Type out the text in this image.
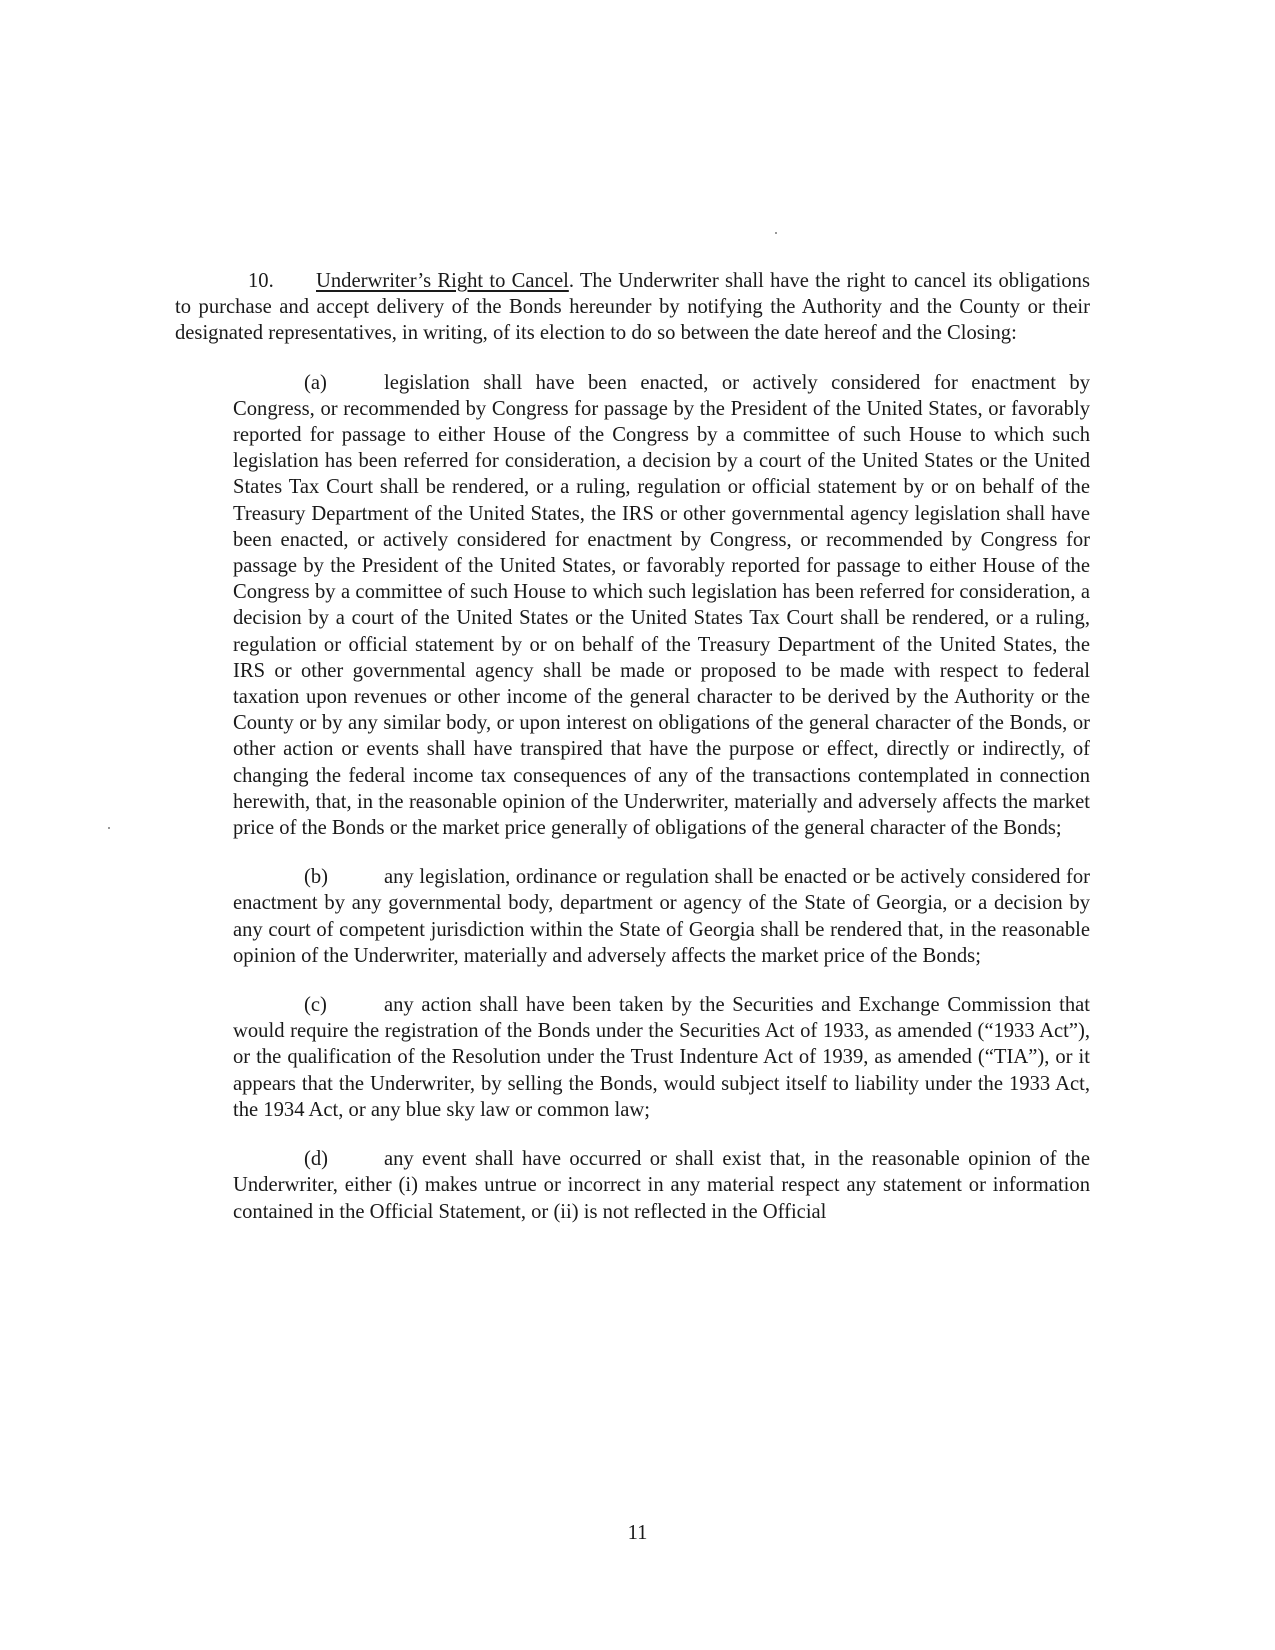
10. Underwriter’s Right to Cancel. The Underwriter shall have the right to cancel its obligations to purchase and accept delivery of the Bonds hereunder by notifying the Authority and the County or their designated representatives, in writing, of its election to do so between the date hereof and the Closing:

(a)	legislation shall have been enacted, or actively considered for enactment by Congress, or recommended by Congress for passage by the President of the United States, or favorably reported for passage to either House of the Congress by a committee of such House to which such legislation has been referred for consideration, a decision by a court of the United States or the United States Tax Court shall be rendered, or a ruling, regulation or official statement by or on behalf of the Treasury Department of the United States, the IRS or other governmental agency legislation shall have been enacted, or actively considered for enactment by Congress, or recommended by Congress for passage by the President of the United States, or favorably reported for passage to either House of the Congress by a committee of such House to which such legislation has been referred for consideration, a decision by a court of the United States or the United States Tax Court shall be rendered, or a ruling, regulation or official statement by or on behalf of the Treasury Department of the United States, the IRS or other governmental agency shall be made or proposed to be made with respect to federal taxation upon revenues or other income of the general character to be derived by the Authority or the County or by any similar body, or upon interest on obligations of the general character of the Bonds, or other action or events shall have transpired that have the purpose or effect, directly or indirectly, of changing the federal income tax consequences of any of the transactions contemplated in connection herewith, that, in the reasonable opinion of the Underwriter, materially and adversely affects the market price of the Bonds or the market price generally of obligations of the general character of the Bonds;

(b)	any legislation, ordinance or regulation shall be enacted or be actively considered for enactment by any governmental body, department or agency of the State of Georgia, or a decision by any court of competent jurisdiction within the State of Georgia shall be rendered that, in the reasonable opinion of the Underwriter, materially and adversely affects the market price of the Bonds;

(c)	any action shall have been taken by the Securities and Exchange Commission that would require the registration of the Bonds under the Securities Act of 1933, as amended (“1933 Act”), or the qualification of the Resolution under the Trust Indenture Act of 1939, as amended (“TIA”), or it appears that the Underwriter, by selling the Bonds, would subject itself to liability under the 1933 Act, the 1934 Act, or any blue sky law or common law;

(d)	any event shall have occurred or shall exist that, in the reasonable opinion of the Underwriter, either (i) makes untrue or incorrect in any material respect any statement or information contained in the Official Statement, or (ii) is not reflected in the Official

11
